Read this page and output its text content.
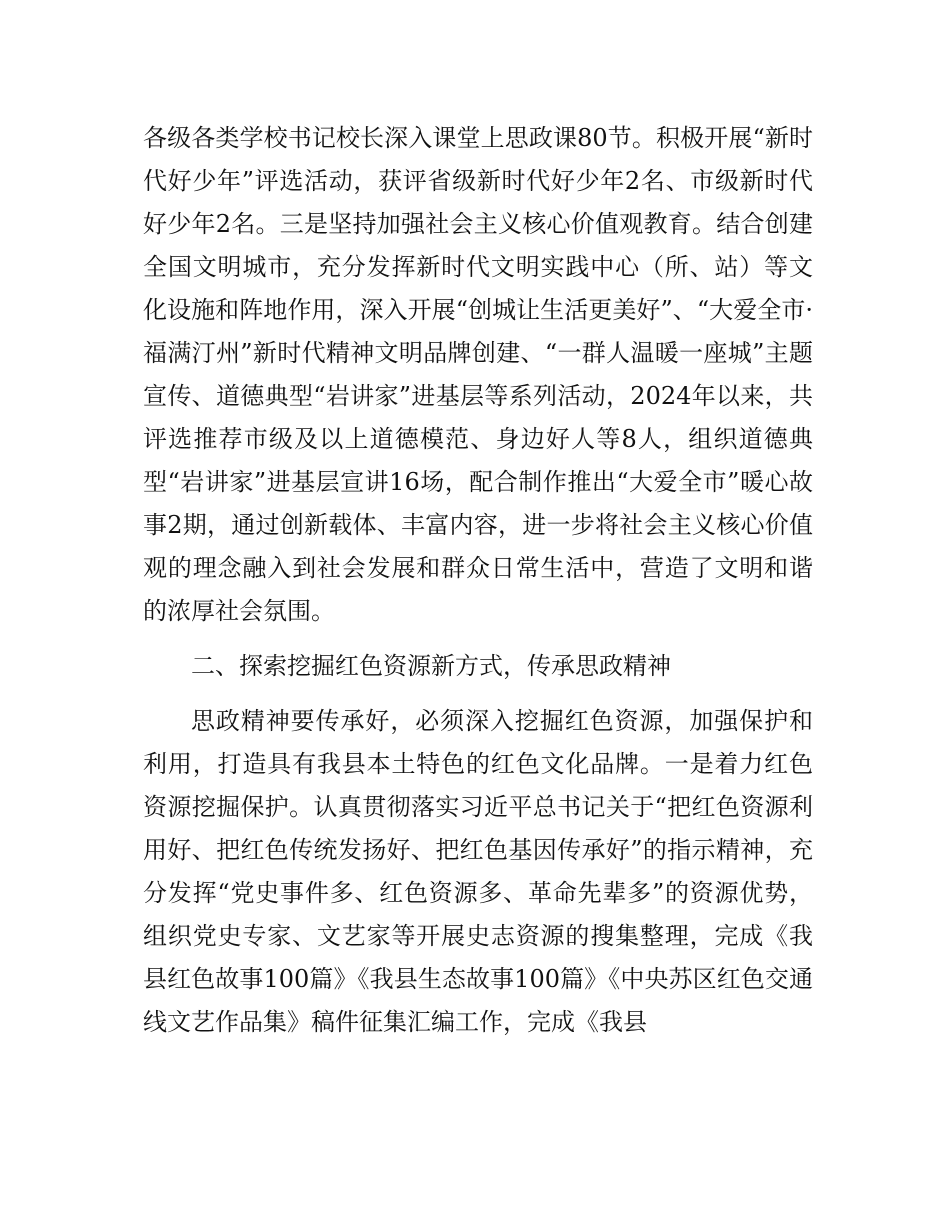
各级各类学校书记校长深入课堂上思政课80节。积极开展“新时代好少年”评选活动，获评省级新时代好少年2名、市级新时代好少年2名。三是坚持加强社会主义核心价值观教育。结合创建全国文明城市，充分发挥新时代文明实践中心（所、站）等文化设施和阵地作用，深入开展“创城让生活更美好”、“大爱全市·福满汀州”新时代精神文明品牌创建、“一群人温暖一座城”主题宣传、道德典型“岩讲家”进基层等系列活动，2024年以来，共评选推荐市级及以上道德模范、身边好人等8人，组织道德典型“岩讲家”进基层宣讲16场，配合制作推出“大爱全市”暖心故事2期，通过创新载体、丰富内容，进一步将社会主义核心价值观的理念融入到社会发展和群众日常生活中，营造了文明和谐的浓厚社会氛围。

二、探索挖掘红色资源新方式，传承思政精神

思政精神要传承好，必须深入挖掘红色资源，加强保护和利用，打造具有我县本土特色的红色文化品牌。一是着力红色资源挖掘保护。认真贯彻落实习近平总书记关于“把红色资源利用好、把红色传统发扬好、把红色基因传承好”的指示精神，充分发挥“党史事件多、红色资源多、革命先辈多”的资源优势，组织党史专家、文艺家等开展史志资源的搜集整理，完成《我县红色故事100篇》《我县生态故事100篇》《中央苏区红色交通线文艺作品集》稿件征集汇编工作，完成《我县
